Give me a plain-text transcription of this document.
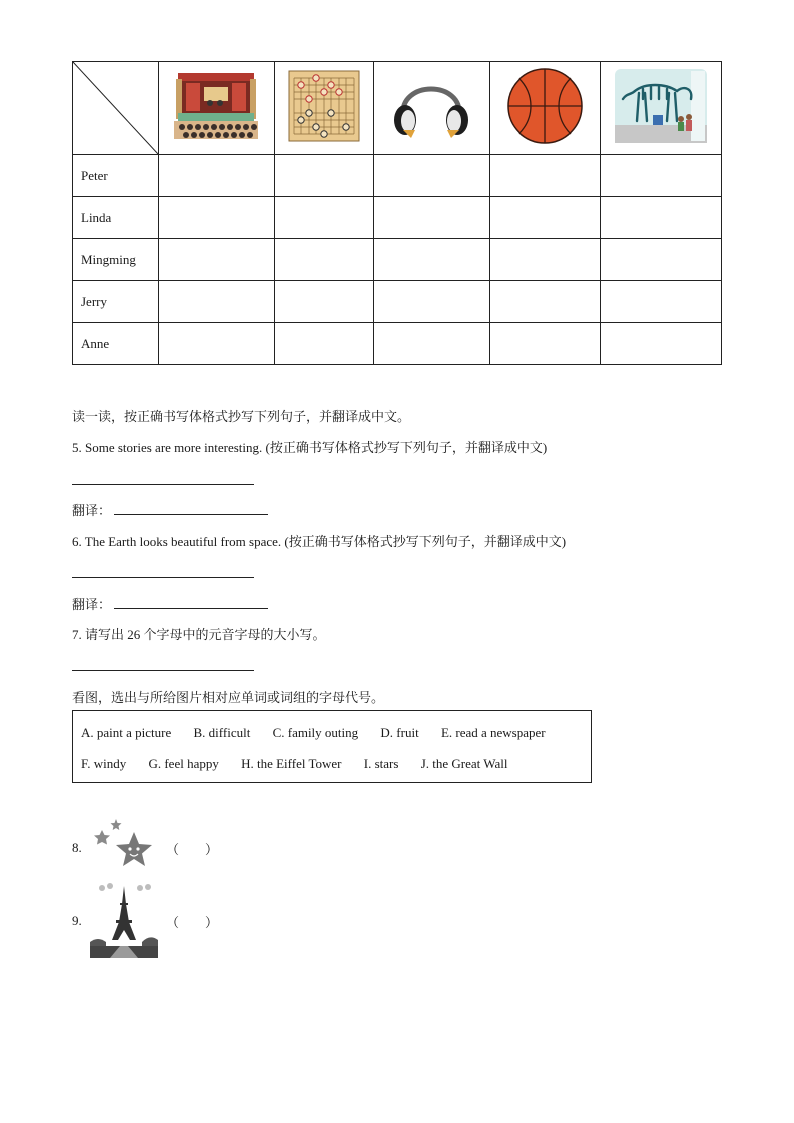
Peter					
Linda					
Mingming					
Jerry					
Anne					
读一读，按正确书写体格式抄写下列句子，并翻译成中文。
5. Some stories are more interesting. (按正确书写体格式抄写下列句子，并翻译成中文)
翻译：
6. The Earth looks beautiful from space. (按正确书写体格式抄写下列句子，并翻译成中文)
翻译：
7. 请写出 26 个字母中的元音字母的大小写。
看图，选出与所给图片相对应单词或词组的字母代号。
A. paint a picture B. difficult C. family outing D. fruit E. read a newspaper
F. windy G. feel happy H. the Eiffel Tower I. stars J. the Great Wall
8.	（　　）
9.	（　　）
